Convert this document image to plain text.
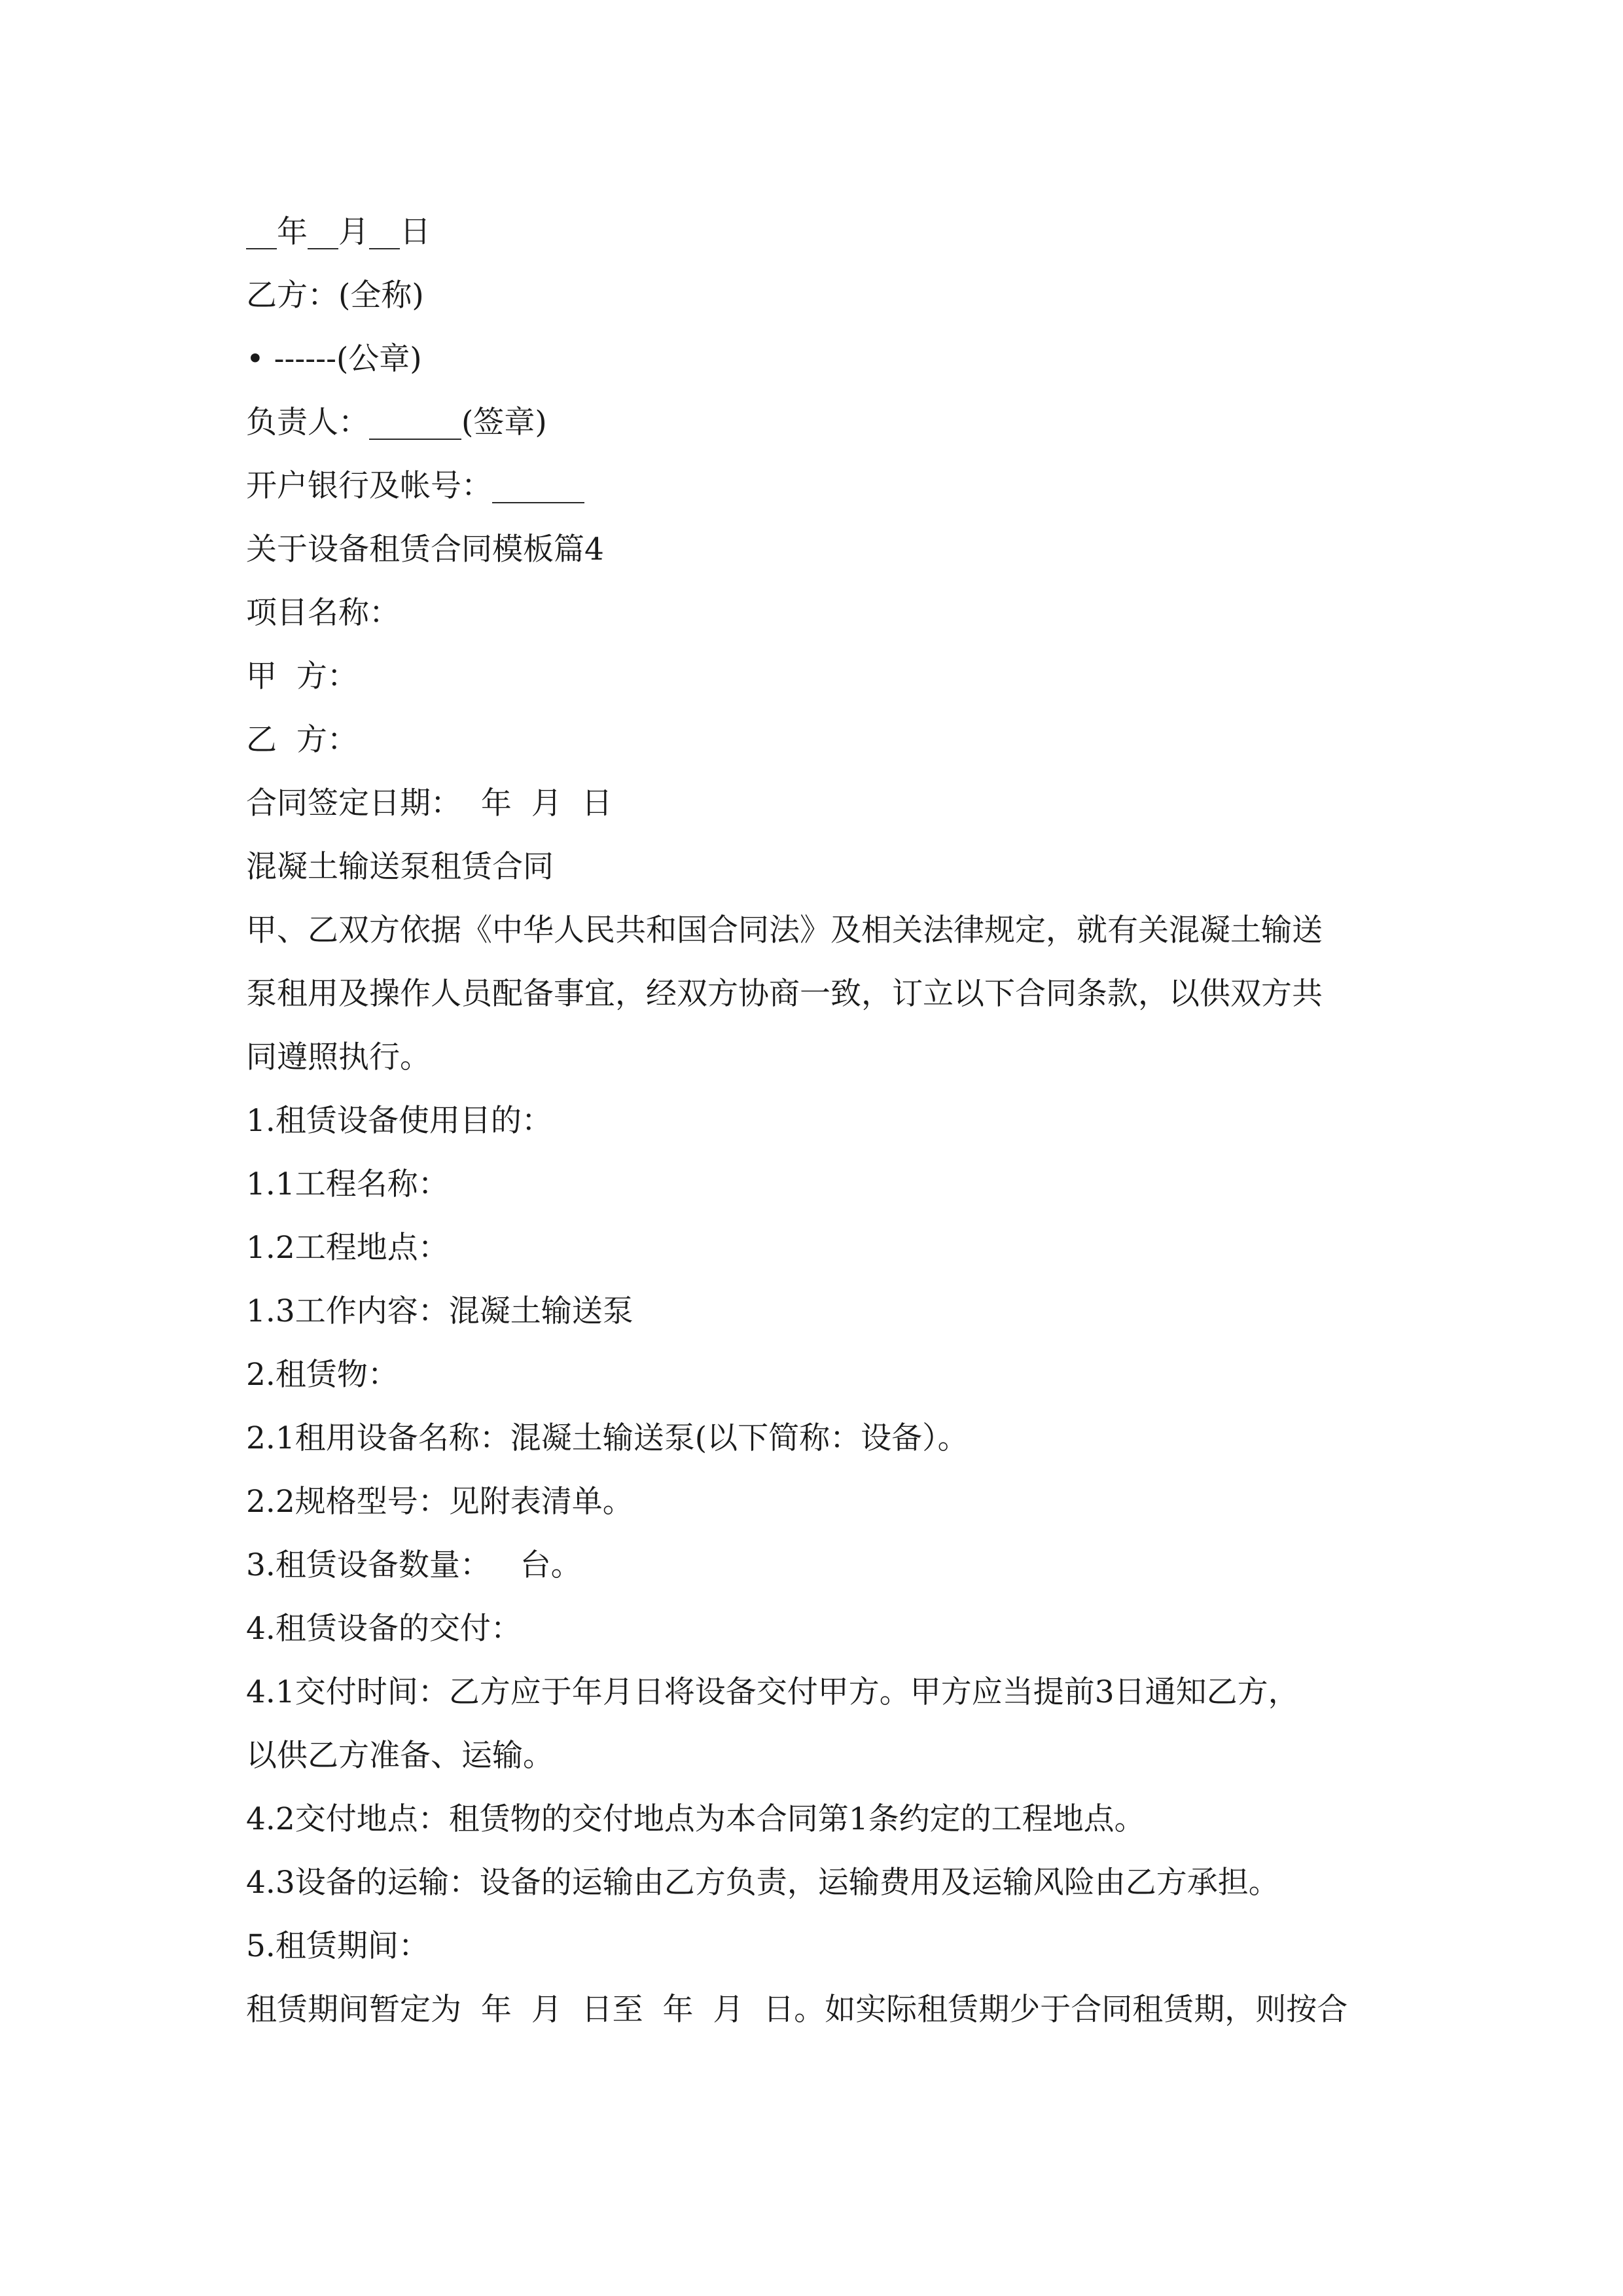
__年__月__日
乙方：(全称)
• ------(公章)
负责人：______(签章)
开户银行及帐号：______
关于设备租赁合同模板篇4
项目名称：
甲  方：
乙  方：
合同签定日期：  年  月  日
混凝土输送泵租赁合同
甲、乙双方依据《中华人民共和国合同法》及相关法律规定，就有关混凝土输送
泵租用及操作人员配备事宜，经双方协商一致，订立以下合同条款，以供双方共
同遵照执行。
1.租赁设备使用目的：
1.1工程名称：
1.2工程地点：
1.3工作内容：混凝土输送泵
2.租赁物：
2.1租用设备名称：混凝土输送泵(以下简称：设备）。
2.2规格型号：见附表清单。
3.租赁设备数量：   台。
4.租赁设备的交付：
4.1交付时间：乙方应于年月日将设备交付甲方。甲方应当提前3日通知乙方，
以供乙方准备、运输。
4.2交付地点：租赁物的交付地点为本合同第1条约定的工程地点。
4.3设备的运输：设备的运输由乙方负责，运输费用及运输风险由乙方承担。
5.租赁期间：
租赁期间暂定为  年  月  日至  年  月  日。如实际租赁期少于合同租赁期，则按合
